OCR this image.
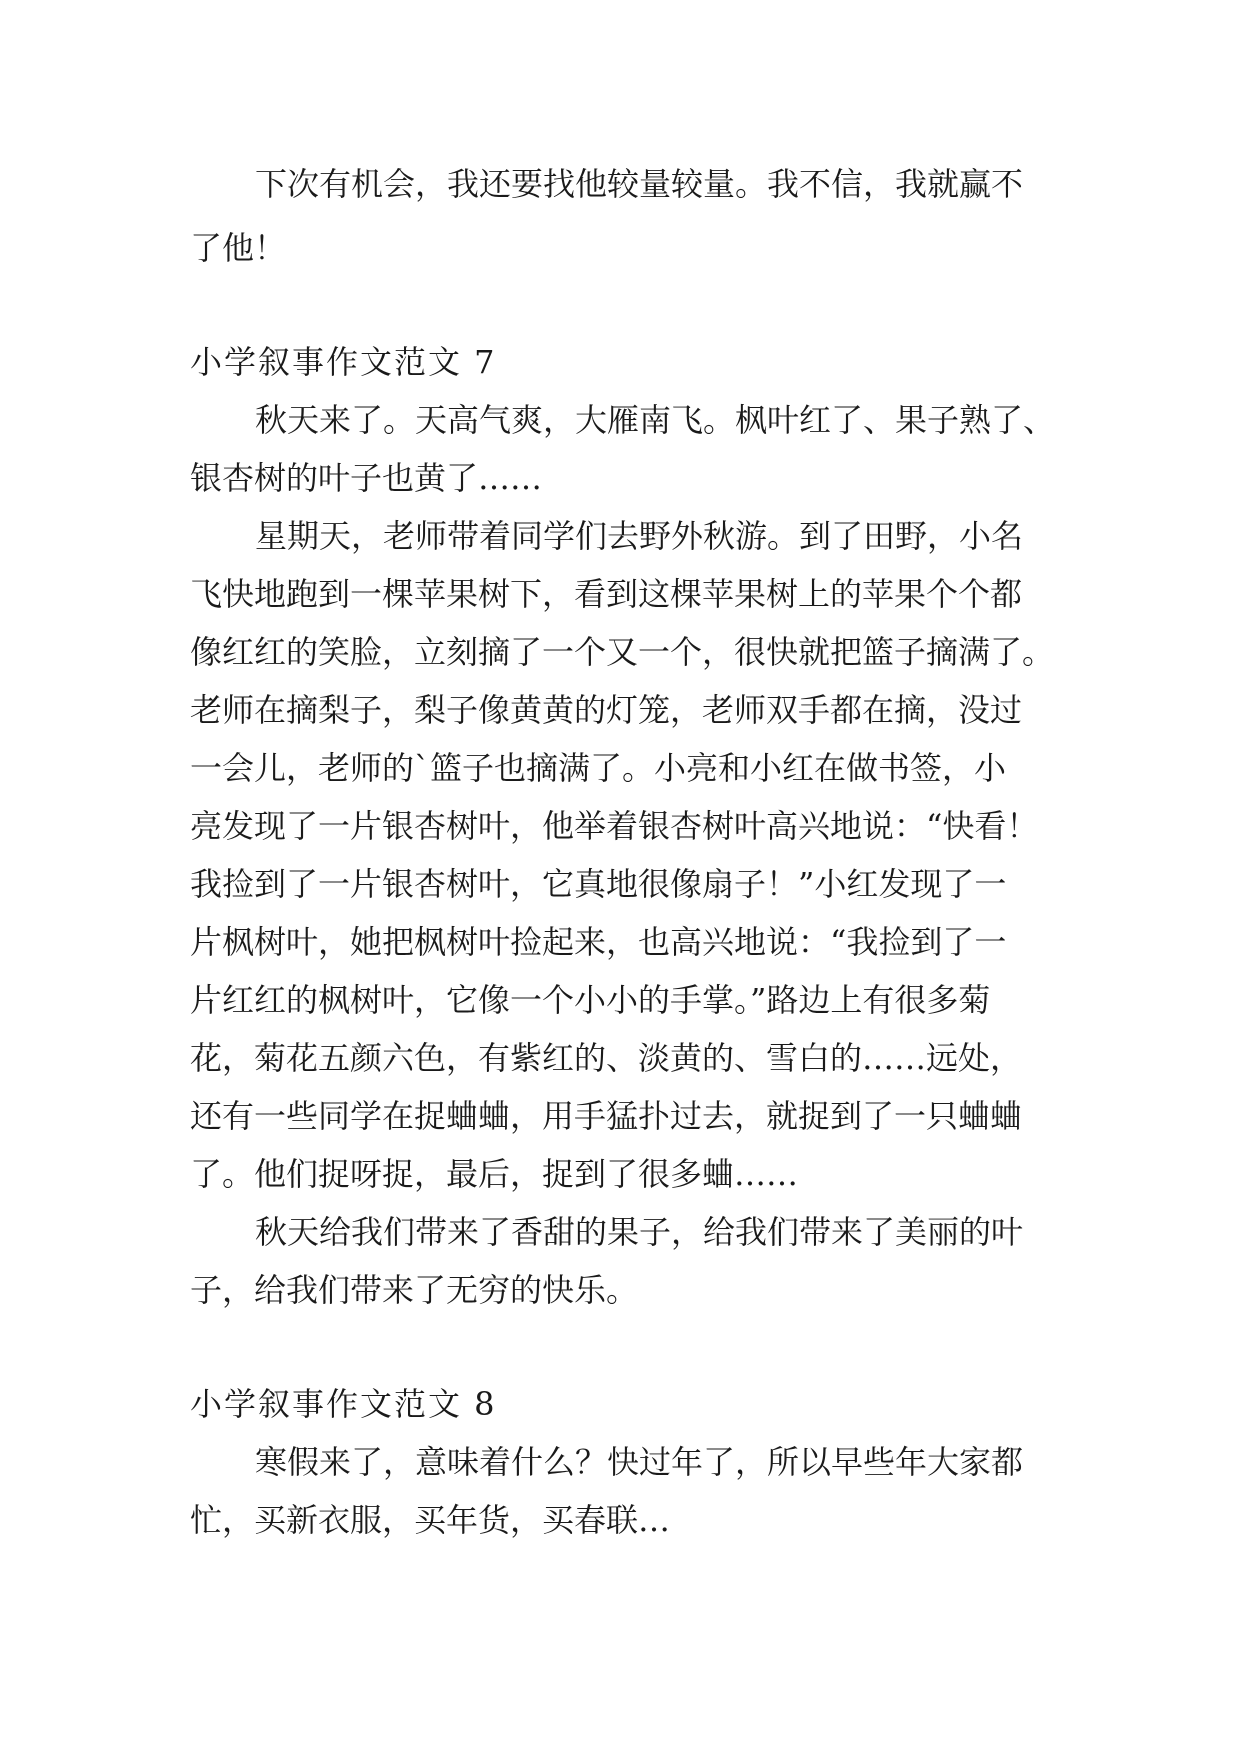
下次有机会，我还要找他较量较量。我不信，我就赢不
了他！
小学叙事作文范文 7
秋天来了。天高气爽，大雁南飞。枫叶红了、果子熟了、
银杏树的叶子也黄了……
星期天，老师带着同学们去野外秋游。到了田野，小名
飞快地跑到一棵苹果树下，看到这棵苹果树上的苹果个个都
像红红的笑脸，立刻摘了一个又一个，很快就把篮子摘满了。
老师在摘梨子，梨子像黄黄的灯笼，老师双手都在摘，没过
一会儿，老师的`篮子也摘满了。小亮和小红在做书签，小
亮发现了一片银杏树叶，他举着银杏树叶高兴地说：“快看！
我捡到了一片银杏树叶，它真地很像扇子！”小红发现了一
片枫树叶，她把枫树叶捡起来，也高兴地说：“我捡到了一
片红红的枫树叶，它像一个小小的手掌。”路边上有很多菊
花，菊花五颜六色，有紫红的、淡黄的、雪白的……远处，
还有一些同学在捉蛐蛐，用手猛扑过去，就捉到了一只蛐蛐
了。他们捉呀捉，最后，捉到了很多蛐……
秋天给我们带来了香甜的果子，给我们带来了美丽的叶
子，给我们带来了无穷的快乐。
小学叙事作文范文 8
寒假来了，意味着什么？快过年了，所以早些年大家都
忙，买新衣服，买年货，买春联…
